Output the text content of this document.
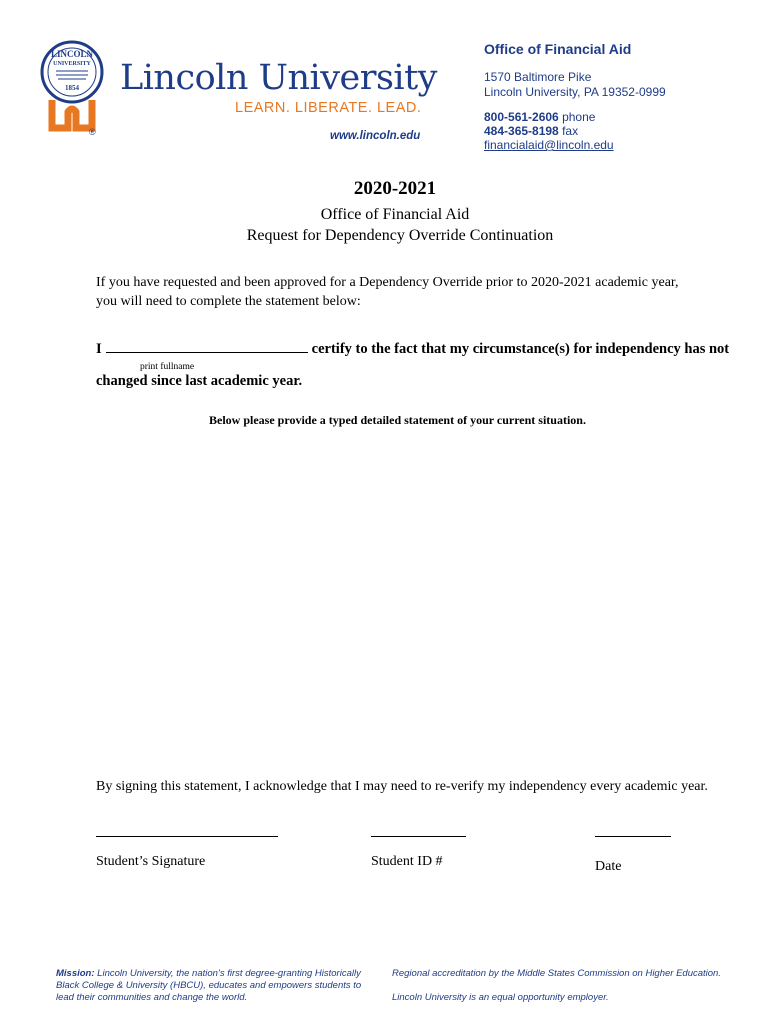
LINCOLN
UNIVERSITY
1854 Lincoln University
LEARN. LIBERATE. LEAD.
®	www.lincoln.edu
Office of Financial Aid
1570 Baltimore Pike
Lincoln University, PA 19352-0999
800-561-2606 phone
484-365-8198 fax
financialaid@lincoln.edu
2020-2021
Office of Financial Aid
Request for Dependency Override Continuation
If you have requested and been approved for a Dependency Override prior to 2020-2021 academic year,
you will need to complete the statement below:
I	certify to the fact that my circumstance(s) for independency has not
print fullname
changed since last academic year.
Below please provide a typed detailed statement of your current situation.
By signing this statement, I acknowledge that I may need to re-verify my independency every academic year.
Student’s Signature	Student ID #	Date
Mission: Lincoln University, the nation’s first degree-granting Historically Black College & University (HBCU), educates and empowers students to lead their communities and change the world.
Regional accreditation by the Middle States Commission on Higher Education.
Lincoln University is an equal opportunity employer.
